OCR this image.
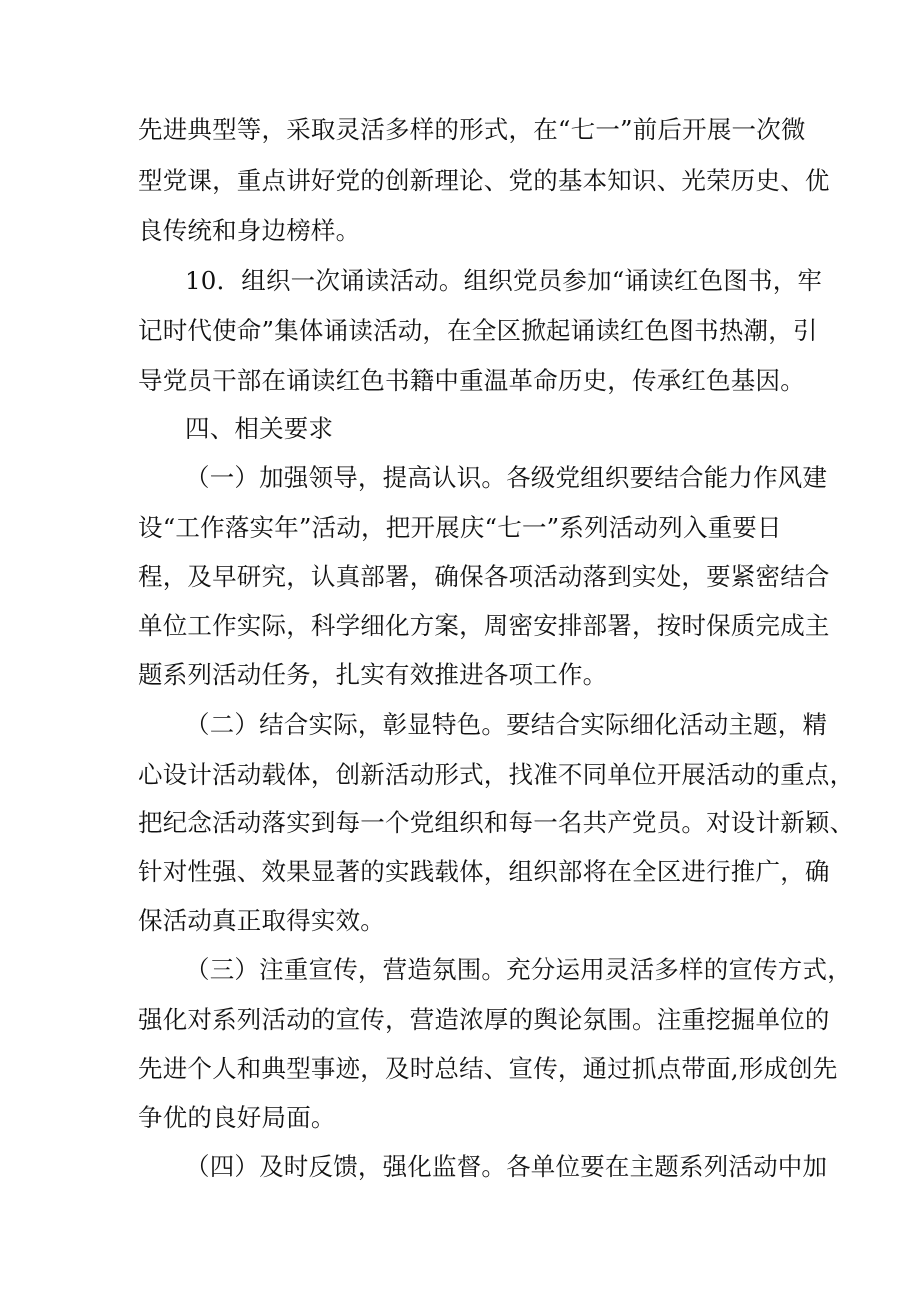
先进典型等，采取灵活多样的形式，在“七一”前后开展一次微
型党课，重点讲好党的创新理论、党的基本知识、光荣历史、优
良传统和身边榜样。
10．组织一次诵读活动。组织党员参加“诵读红色图书，牢
记时代使命”集体诵读活动，在全区掀起诵读红色图书热潮，引
导党员干部在诵读红色书籍中重温革命历史，传承红色基因。
四、相关要求
（一）加强领导，提高认识。各级党组织要结合能力作风建
设“工作落实年”活动，把开展庆“七一”系列活动列入重要日
程，及早研究，认真部署，确保各项活动落到实处，要紧密结合
单位工作实际，科学细化方案，周密安排部署，按时保质完成主
题系列活动任务，扎实有效推进各项工作。
（二）结合实际，彰显特色。要结合实际细化活动主题，精
心设计活动载体，创新活动形式，找准不同单位开展活动的重点，
把纪念活动落实到每一个党组织和每一名共产党员。对设计新颖、
针对性强、效果显著的实践载体，组织部将在全区进行推广，确
保活动真正取得实效。
（三）注重宣传，营造氛围。充分运用灵活多样的宣传方式，
强化对系列活动的宣传，营造浓厚的舆论氛围。注重挖掘单位的
先进个人和典型事迹，及时总结、宣传，通过抓点带面,形成创先
争优的良好局面。
（四）及时反馈，强化监督。各单位要在主题系列活动中加
